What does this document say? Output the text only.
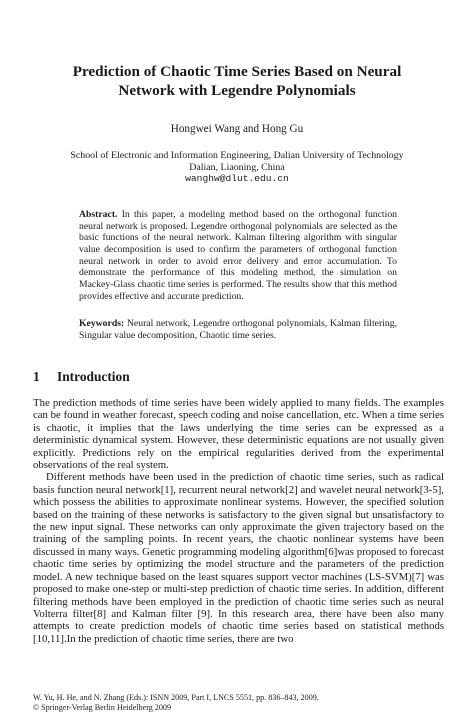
Prediction of Chaotic Time Series Based on Neural
Network with Legendre Polynomials
Hongwei Wang and Hong Gu
School of Electronic and Information Engineering, Dalian University of Technology
Dalian, Liaoning, China
wanghw@dlut.edu.cn
Abstract. In this paper, a modeling method based on the orthogonal function neural network is proposed. Legendre orthogonal polynomials are selected as the basic functions of the neural network. Kalman filtering algorithm with singular value decomposition is used to confirm the parameters of orthogonal function neural network in order to avoid error delivery and error accumulation. To demonstrate the performance of this modeling method, the simulation on Mackey-Glass chaotic time series is performed. The results show that this method provides effective and accurate prediction.
Keywords: Neural network, Legendre orthogonal polynomials, Kalman filtering, Singular value decomposition, Chaotic time series.
1 Introduction

The prediction methods of time series have been widely applied to many fields. The examples can be found in weather forecast, speech coding and noise cancellation, etc. When a time series is chaotic, it implies that the laws underlying the time series can be expressed as a deterministic dynamical system. However, these deterministic equations are not usually given explicitly. Predictions rely on the empirical regularities derived from the experimental observations of the real system.

Different methods have been used in the prediction of chaotic time series, such as radical basis function neural network[1], recurrent neural network[2] and wavelet neural network[3-5], which possess the abilities to approximate nonlinear systems. However, the specified solution based on the training of these networks is satisfactory to the given signal but unsatisfactory to the new input signal. These networks can only approximate the given trajectory based on the training of the sampling points. In recent years, the chaotic nonlinear systems have been discussed in many ways. Genetic programming modeling algorithm[6]was proposed to forecast chaotic time series by optimizing the model structure and the parameters of the prediction model. A new technique based on the least squares support vector machines (LS-SVM)[7] was proposed to make one-step or multi-step prediction of chaotic time series. In addition, different filtering methods have been employed in the prediction of chaotic time series such as neural Volterra filter[8] and Kalman filter [9]. In this research area, there have been also many attempts to create prediction models of chaotic time series based on statistical methods [10,11].In the prediction of chaotic time series, there are two

W. Yu, H. He, and N. Zhang (Eds.): ISNN 2009, Part I, LNCS 5551, pp. 836–843, 2009.
© Springer-Verlag Berlin Heidelberg 2009
